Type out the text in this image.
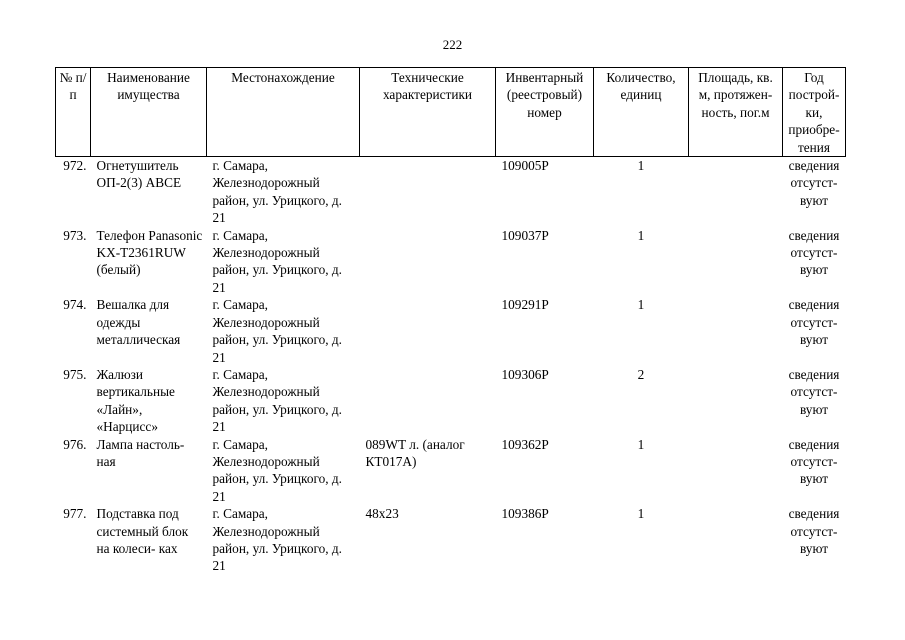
222
№ п/п	Наименование имущества	Местонахождение	Технические характеристики	Инвентарный (реестровый) номер	Количество, единиц	Площадь, кв. м, протяжен- ность, пог.м	Год построй- ки, приобре- тения
972.	Огнетушитель ОП-2(3) АВСЕ	г. Самара, Железнодорожный район, ул. Урицкого, д. 21		109005Р	1		сведения отсутст- вуют
973.	Телефон Panasonic KX-T2361RUW (белый)	г. Самара, Железнодорожный район, ул. Урицкого, д. 21		109037Р	1		сведения отсутст- вуют
974.	Вешалка для одежды металлическая	г. Самара, Железнодорожный район, ул. Урицкого, д. 21		109291Р	1		сведения отсутст- вуют
975.	Жалюзи вертикальные «Лайн», «Нарцисс»	г. Самара, Железнодорожный район, ул. Урицкого, д. 21		109306Р	2		сведения отсутст- вуют
976.	Лампа настоль- ная	г. Самара, Железнодорожный район, ул. Урицкого, д. 21	089WT л. (аналог КТ017А)	109362Р	1		сведения отсутст- вуют
977.	Подставка под системный блок на колеси- ках	г. Самара, Железнодорожный район, ул. Урицкого, д. 21	48х23	109386Р	1		сведения отсутст- вуют
